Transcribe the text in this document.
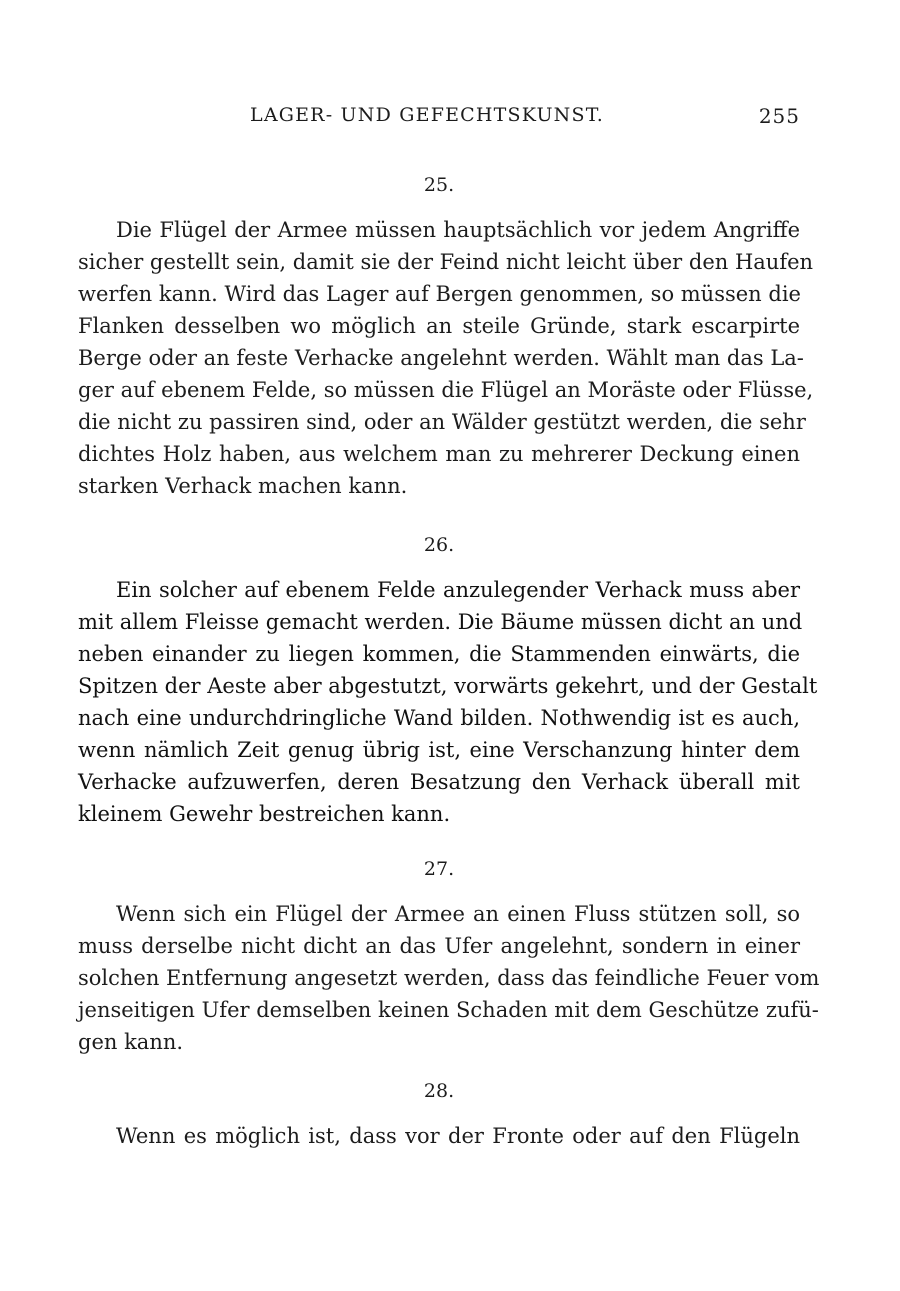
LAGER- UND GEFECHTSKUNST.	255
25.
Die Flügel der Armee müssen hauptsächlich vor jedem Angriffe
sicher gestellt sein, damit sie der Feind nicht leicht über den Haufen
werfen kann. Wird das Lager auf Bergen genommen, so müssen die
Flanken desselben wo möglich an steile Gründe, stark escarpirte
Berge oder an feste Verhacke angelehnt werden. Wählt man das La-
ger auf ebenem Felde, so müssen die Flügel an Moräste oder Flüsse,
die nicht zu passiren sind, oder an Wälder gestützt werden, die sehr
dichtes Holz haben, aus welchem man zu mehrerer Deckung einen
starken Verhack machen kann.
26.
Ein solcher auf ebenem Felde anzulegender Verhack muss aber
mit allem Fleisse gemacht werden. Die Bäume müssen dicht an und
neben einander zu liegen kommen, die Stammenden einwärts, die
Spitzen der Aeste aber abgestutzt, vorwärts gekehrt, und der Gestalt
nach eine undurchdringliche Wand bilden. Nothwendig ist es auch,
wenn nämlich Zeit genug übrig ist, eine Verschanzung hinter dem
Verhacke aufzuwerfen, deren Besatzung den Verhack überall mit
kleinem Gewehr bestreichen kann.
27.
Wenn sich ein Flügel der Armee an einen Fluss stützen soll, so
muss derselbe nicht dicht an das Ufer angelehnt, sondern in einer
solchen Entfernung angesetzt werden, dass das feindliche Feuer vom
jenseitigen Ufer demselben keinen Schaden mit dem Geschütze zufü-
gen kann.
28.
Wenn es möglich ist, dass vor der Fronte oder auf den Flügeln
